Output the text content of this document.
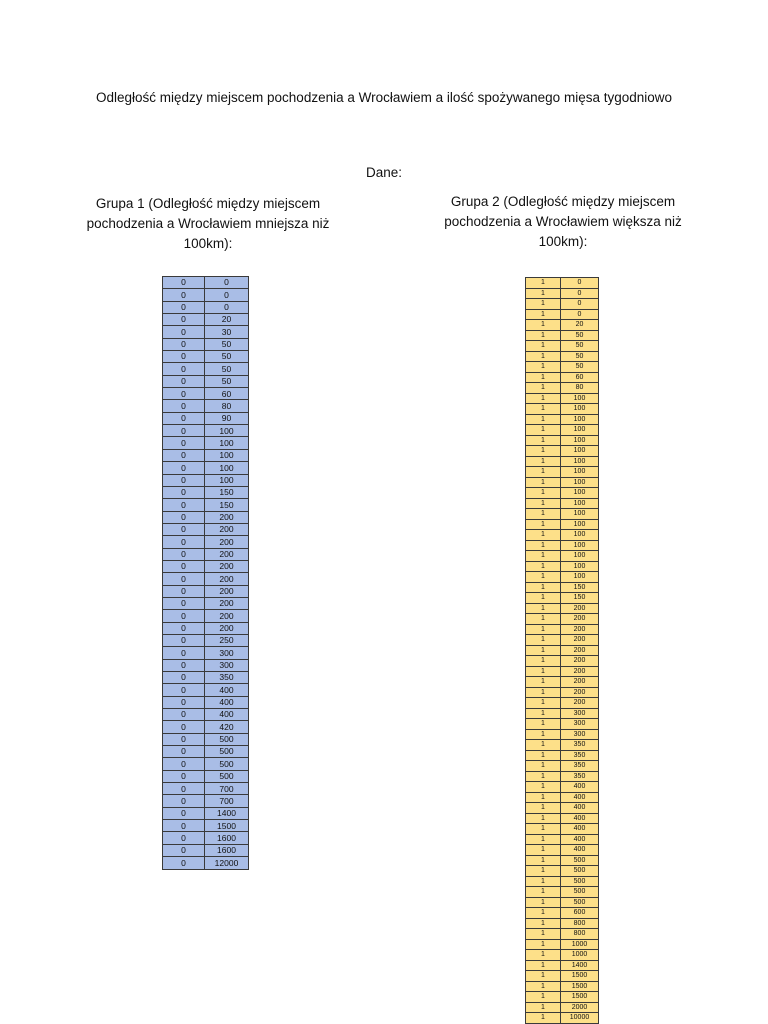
Odległość między miejscem pochodzenia a Wrocławiem a ilość spożywanego mięsa tygodniowo
Dane:
Grupa 1 (Odległość między miejscem pochodzenia a Wrocławiem mniejsza niż 100km):
Grupa 2 (Odległość między miejscem pochodzenia a Wrocławiem większa niż 100km):
0	0
0	0
0	0
0	20
0	30
0	50
0	50
0	50
0	50
0	60
0	80
0	90
0	100
0	100
0	100
0	100
0	100
0	150
0	150
0	200
0	200
0	200
0	200
0	200
0	200
0	200
0	200
0	200
0	200
0	250
0	300
0	300
0	350
0	400
0	400
0	400
0	420
0	500
0	500
0	500
0	500
0	700
0	700
0	1400
0	1500
0	1600
0	1600
0	12000
1	0
1	0
1	0
1	0
1	20
1	50
1	50
1	50
1	50
1	60
1	80
1	100
1	100
1	100
1	100
1	100
1	100
1	100
1	100
1	100
1	100
1	100
1	100
1	100
1	100
1	100
1	100
1	100
1	100
1	150
1	150
1	200
1	200
1	200
1	200
1	200
1	200
1	200
1	200
1	200
1	200
1	300
1	300
1	300
1	350
1	350
1	350
1	350
1	400
1	400
1	400
1	400
1	400
1	400
1	400
1	500
1	500
1	500
1	500
1	500
1	600
1	800
1	800
1	1000
1	1000
1	1400
1	1500
1	1500
1	1500
1	2000
1	10000
